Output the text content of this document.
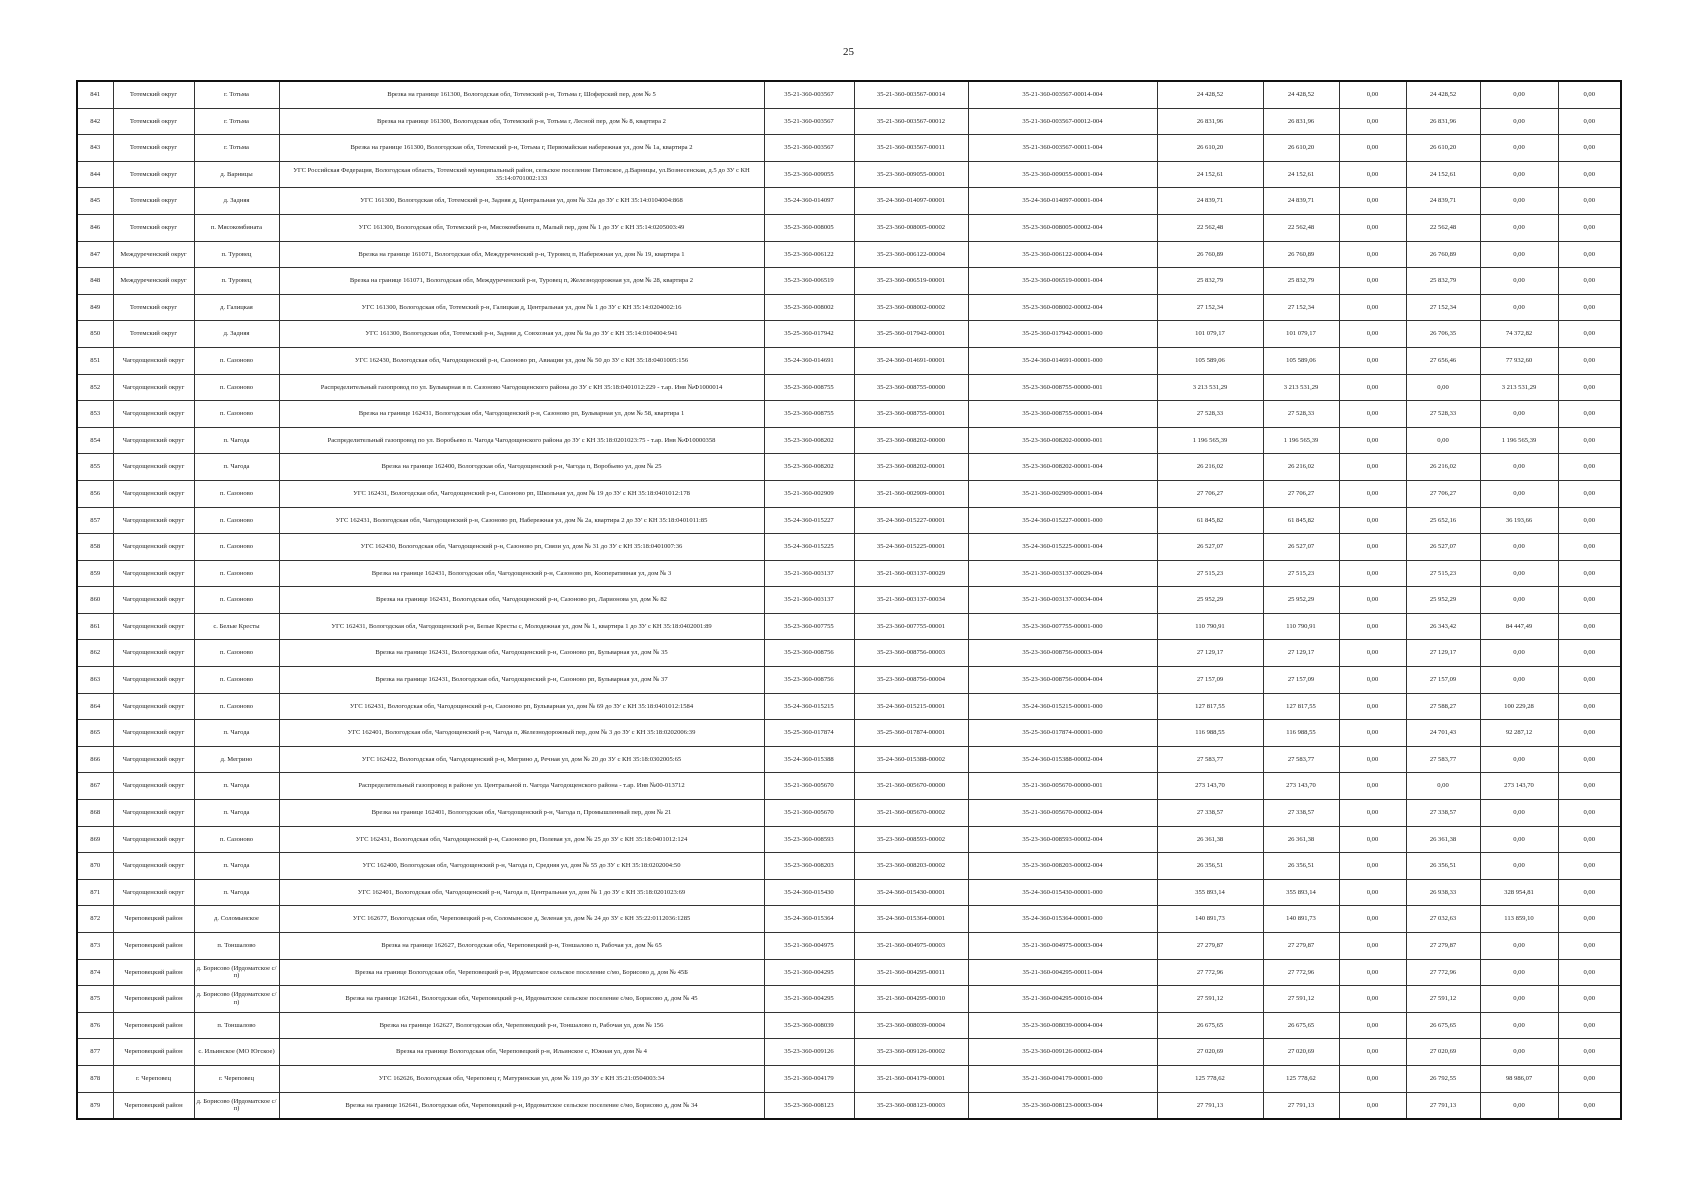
25
841	Тотемский округ	г. Тотьма	Врезка на границе 161300, Вологодская обл, Тотемский р-н, Тотьма г, Шоферский пер, дом № 5	35-21-360-003567	35-21-360-003567-00014	35-21-360-003567-00014-004	24 428,52	24 428,52	0,00	24 428,52	0,00	0,00
842	Тотемский округ	г. Тотьма	Врезка на границе 161300, Вологодская обл, Тотемский р-н, Тотьма г, Лесной пер, дом № 8, квартира 2	35-21-360-003567	35-21-360-003567-00012	35-21-360-003567-00012-004	26 831,96	26 831,96	0,00	26 831,96	0,00	0,00
843	Тотемский округ	г. Тотьма	Врезка на границе 161300, Вологодская обл, Тотемский р-н, Тотьма г, Первомайская набережная ул, дом № 1а, квартира 2	35-21-360-003567	35-21-360-003567-00011	35-21-360-003567-00011-004	26 610,20	26 610,20	0,00	26 610,20	0,00	0,00
844	Тотемский округ	д. Варницы	УГС Российская Федерация, Вологодская область, Тотемский муниципальный район, сельское поселение Пятовское, д.Варницы, ул.Вознесенская, д.5 до ЗУ с КН 35:14:0701002:133	35-23-360-009055	35-23-360-009055-00001	35-23-360-009055-00001-004	24 152,61	24 152,61	0,00	24 152,61	0,00	0,00
845	Тотемский округ	д. Задняя	УГС 161300, Вологодская обл, Тотемский р-н, Задняя д, Центральная ул, дом № 32а до ЗУ с КН 35:14:0104004:868	35-24-360-014097	35-24-360-014097-00001	35-24-360-014097-00001-004	24 839,71	24 839,71	0,00	24 839,71	0,00	0,00
846	Тотемский округ	п. Мясокомбината	УГС 161300, Вологодская обл, Тотемский р-н, Мясокомбината п, Малый пер, дом № 1 до ЗУ с КН 35:14:0205003:49	35-23-360-008005	35-23-360-008005-00002	35-23-360-008005-00002-004	22 562,48	22 562,48	0,00	22 562,48	0,00	0,00
847	Междуреченский округ	п. Туровец	Врезка на границе 161071, Вологодская обл, Междуреченский р-н, Туровец п, Набережная ул, дом № 19, квартира 1	35-23-360-006122	35-23-360-006122-00004	35-23-360-006122-00004-004	26 760,89	26 760,89	0,00	26 760,89	0,00	0,00
848	Междуреченский округ	п. Туровец	Врезка на границе 161071, Вологодская обл, Междуреченский р-н, Туровец п, Железнодорожная ул, дом № 28, квартира 2	35-23-360-006519	35-23-360-006519-00001	35-23-360-006519-00001-004	25 832,79	25 832,79	0,00	25 832,79	0,00	0,00
849	Тотемский округ	д. Галицкая	УГС 161300, Вологодская обл, Тотемский р-н, Галицкая д, Центральная ул, дом № 1 до ЗУ с КН 35:14:0204002:16	35-23-360-008002	35-23-360-008002-00002	35-23-360-008002-00002-004	27 152,34	27 152,34	0,00	27 152,34	0,00	0,00
850	Тотемский округ	д. Задняя	УГС 161300, Вологодская обл, Тотемский р-н, Задняя д, Совхозная ул, дом № 9а до ЗУ с КН 35:14:0104004:941	35-25-360-017942	35-25-360-017942-00001	35-25-360-017942-00001-000	101 079,17	101 079,17	0,00	26 706,35	74 372,82	0,00
851	Чагодощенский округ	п. Сазоново	УГС 162430, Вологодская обл, Чагодощенский р-н, Сазоново рп, Авиации ул, дом № 50 до ЗУ с КН 35:18:0401005:156	35-24-360-014691	35-24-360-014691-00001	35-24-360-014691-00001-000	105 589,06	105 589,06	0,00	27 656,46	77 932,60	0,00
852	Чагодощенский округ	п. Сазоново	Распределительный газопровод по ул. Бульварная в п. Сазоново Чагодощенского района до ЗУ с КН 35:18:0401012:229 - т.ар. Инв №Ф1000014	35-23-360-008755	35-23-360-008755-00000	35-23-360-008755-00000-001	3 213 531,29	3 213 531,29	0,00	0,00	3 213 531,29	0,00
853	Чагодощенский округ	п. Сазоново	Врезка на границе 162431, Вологодская обл, Чагодощенский р-н, Сазоново рп, Бульварная ул, дом № 58, квартира 1	35-23-360-008755	35-23-360-008755-00001	35-23-360-008755-00001-004	27 528,33	27 528,33	0,00	27 528,33	0,00	0,00
854	Чагодощенский округ	п. Чагода	Распределительный газопровод по ул. Воробьево п. Чагода Чагодощенского района до ЗУ с КН 35:18:0201023:75 - т.ар. Инв №Ф10000358	35-23-360-008202	35-23-360-008202-00000	35-23-360-008202-00000-001	1 196 565,39	1 196 565,39	0,00	0,00	1 196 565,39	0,00
855	Чагодощенский округ	п. Чагода	Врезка на границе 162400, Вологодская обл, Чагодощенский р-н, Чагода п, Воробьево ул, дом № 25	35-23-360-008202	35-23-360-008202-00001	35-23-360-008202-00001-004	26 216,02	26 216,02	0,00	26 216,02	0,00	0,00
856	Чагодощенский округ	п. Сазоново	УГС 162431, Вологодская обл, Чагодощенский р-н, Сазоново рп, Школьная ул, дом № 19 до ЗУ с КН 35:18:0401012:178	35-21-360-002909	35-21-360-002909-00001	35-21-360-002909-00001-004	27 706,27	27 706,27	0,00	27 706,27	0,00	0,00
857	Чагодощенский округ	п. Сазоново	УГС 162431, Вологодская обл, Чагодощенский р-н, Сазоново рп, Набережная ул, дом № 2а, квартира 2 до ЗУ с КН 35:18:0401011:85	35-24-360-015227	35-24-360-015227-00001	35-24-360-015227-00001-000	61 845,82	61 845,82	0,00	25 652,16	36 193,66	0,00
858	Чагодощенский округ	п. Сазоново	УГС 162430, Вологодская обл, Чагодощенский р-н, Сазоново рп, Связи ул, дом № 31 до ЗУ с КН 35:18:0401007:36	35-24-360-015225	35-24-360-015225-00001	35-24-360-015225-00001-004	26 527,07	26 527,07	0,00	26 527,07	0,00	0,00
859	Чагодощенский округ	п. Сазоново	Врезка на границе 162431, Вологодская обл, Чагодощенский р-н, Сазоново рп, Кооперативная ул, дом № 3	35-21-360-003137	35-21-360-003137-00029	35-21-360-003137-00029-004	27 515,23	27 515,23	0,00	27 515,23	0,00	0,00
860	Чагодощенский округ	п. Сазоново	Врезка на границе 162431, Вологодская обл, Чагодощенский р-н, Сазоново рп, Ларионова ул, дом № 82	35-21-360-003137	35-21-360-003137-00034	35-21-360-003137-00034-004	25 952,29	25 952,29	0,00	25 952,29	0,00	0,00
861	Чагодощенский округ	с. Белые Кресты	УГС 162431, Вологодская обл, Чагодощенский р-н, Белые Кресты с, Молодежная ул, дом № 1, квартира 1 до ЗУ с КН 35:18:0402001:89	35-23-360-007755	35-23-360-007755-00001	35-23-360-007755-00001-000	110 790,91	110 790,91	0,00	26 343,42	84 447,49	0,00
862	Чагодощенский округ	п. Сазоново	Врезка на границе 162431, Вологодская обл, Чагодощенский р-н, Сазоново рп, Бульварная ул, дом № 35	35-23-360-008756	35-23-360-008756-00003	35-23-360-008756-00003-004	27 129,17	27 129,17	0,00	27 129,17	0,00	0,00
863	Чагодощенский округ	п. Сазоново	Врезка на границе 162431, Вологодская обл, Чагодощенский р-н, Сазоново рп, Бульварная ул, дом № 37	35-23-360-008756	35-23-360-008756-00004	35-23-360-008756-00004-004	27 157,09	27 157,09	0,00	27 157,09	0,00	0,00
864	Чагодощенский округ	п. Сазоново	УГС 162431, Вологодская обл, Чагодощенский р-н, Сазоново рп, Бульварная ул, дом № 69 до ЗУ с КН 35:18:0401012:1584	35-24-360-015215	35-24-360-015215-00001	35-24-360-015215-00001-000	127 817,55	127 817,55	0,00	27 588,27	100 229,28	0,00
865	Чагодощенский округ	п. Чагода	УГС 162401, Вологодская обл, Чагодощенский р-н, Чагода п, Железнодорожный пер, дом № 3 до ЗУ с КН 35:18:0202006:39	35-25-360-017874	35-25-360-017874-00001	35-25-360-017874-00001-000	116 988,55	116 988,55	0,00	24 701,43	92 287,12	0,00
866	Чагодощенский округ	д. Мегрино	УГС 162422, Вологодская обл, Чагодощенский р-н, Мегрино д, Речная ул, дом № 20 до ЗУ с КН 35:18:0302005:65	35-24-360-015388	35-24-360-015388-00002	35-24-360-015388-00002-004	27 583,77	27 583,77	0,00	27 583,77	0,00	0,00
867	Чагодощенский округ	п. Чагода	Распределительный газопровод в районе ул. Центральной п. Чагода Чагодощенского района - т.ар. Инв №00-013712	35-21-360-005670	35-21-360-005670-00000	35-21-360-005670-00000-001	273 143,70	273 143,70	0,00	0,00	273 143,70	0,00
868	Чагодощенский округ	п. Чагода	Врезка на границе 162401, Вологодская обл, Чагодощенский р-н, Чагода п, Промышленный пер, дом № 21	35-21-360-005670	35-21-360-005670-00002	35-21-360-005670-00002-004	27 338,57	27 338,57	0,00	27 338,57	0,00	0,00
869	Чагодощенский округ	п. Сазоново	УГС 162431, Вологодская обл, Чагодощенский р-н, Сазоново рп, Полевая ул, дом № 25 до ЗУ с КН 35:18:0401012:124	35-23-360-008593	35-23-360-008593-00002	35-23-360-008593-00002-004	26 361,38	26 361,38	0,00	26 361,38	0,00	0,00
870	Чагодощенский округ	п. Чагода	УГС 162400, Вологодская обл, Чагодощенский р-н, Чагода п, Средняя ул, дом № 55 до ЗУ с КН 35:18:0202004:50	35-23-360-008203	35-23-360-008203-00002	35-23-360-008203-00002-004	26 356,51	26 356,51	0,00	26 356,51	0,00	0,00
871	Чагодощенский округ	п. Чагода	УГС 162401, Вологодская обл, Чагодощенский р-н, Чагода п, Центральная ул, дом № 1 до ЗУ с КН 35:18:0201023:69	35-24-360-015430	35-24-360-015430-00001	35-24-360-015430-00001-000	355 893,14	355 893,14	0,00	26 938,33	328 954,81	0,00
872	Череповецкий район	д. Соломынское	УГС 162677, Вологодская обл, Череповецкий р-н, Соломынское д, Зеленая ул, дом № 24 до ЗУ с КН 35:22:0112036:1285	35-24-360-015364	35-24-360-015364-00001	35-24-360-015364-00001-000	140 891,73	140 891,73	0,00	27 032,63	113 859,10	0,00
873	Череповецкий район	п. Тоншалово	Врезка на границе 162627, Вологодская обл, Череповецкий р-н, Тоншалово п, Рабочая ул, дом № 65	35-21-360-004975	35-21-360-004975-00003	35-21-360-004975-00003-004	27 279,87	27 279,87	0,00	27 279,87	0,00	0,00
874	Череповецкий район	д. Борисово (Ирдоматское с/п)	Врезка на границе Вологодская обл, Череповецкий р-н, Ирдоматское сельское поселение с/мо, Борисово д, дом № 45Б	35-21-360-004295	35-21-360-004295-00011	35-21-360-004295-00011-004	27 772,96	27 772,96	0,00	27 772,96	0,00	0,00
875	Череповецкий район	д. Борисово (Ирдоматское с/п)	Врезка на границе 162641, Вологодская обл, Череповецкий р-н, Ирдоматское сельское поселение с/мо, Борисово д, дом № 45	35-21-360-004295	35-21-360-004295-00010	35-21-360-004295-00010-004	27 591,12	27 591,12	0,00	27 591,12	0,00	0,00
876	Череповецкий район	п. Тоншалово	Врезка на границе 162627, Вологодская обл, Череповецкий р-н, Тоншалово п, Рабочая ул, дом № 156	35-23-360-008039	35-23-360-008039-00004	35-23-360-008039-00004-004	26 675,65	26 675,65	0,00	26 675,65	0,00	0,00
877	Череповецкий район	с. Ильинское (МО Югское)	Врезка на границе Вологодская обл, Череповецкий р-н, Ильинское с, Южная ул, дом № 4	35-23-360-009126	35-23-360-009126-00002	35-23-360-009126-00002-004	27 020,69	27 020,69	0,00	27 020,69	0,00	0,00
878	г. Череповец	г. Череповец	УГС 162626, Вологодская обл, Череповец г, Матуринская ул, дом № 119 до ЗУ с КН 35:21:0504003:34	35-21-360-004179	35-21-360-004179-00001	35-21-360-004179-00001-000	125 778,62	125 778,62	0,00	26 792,55	98 986,07	0,00
879	Череповецкий район	д. Борисово (Ирдоматское с/п)	Врезка на границе 162641, Вологодская обл, Череповецкий р-н, Ирдоматское сельское поселение с/мо, Борисово д, дом № 34	35-23-360-008123	35-23-360-008123-00003	35-23-360-008123-00003-004	27 791,13	27 791,13	0,00	27 791,13	0,00	0,00
